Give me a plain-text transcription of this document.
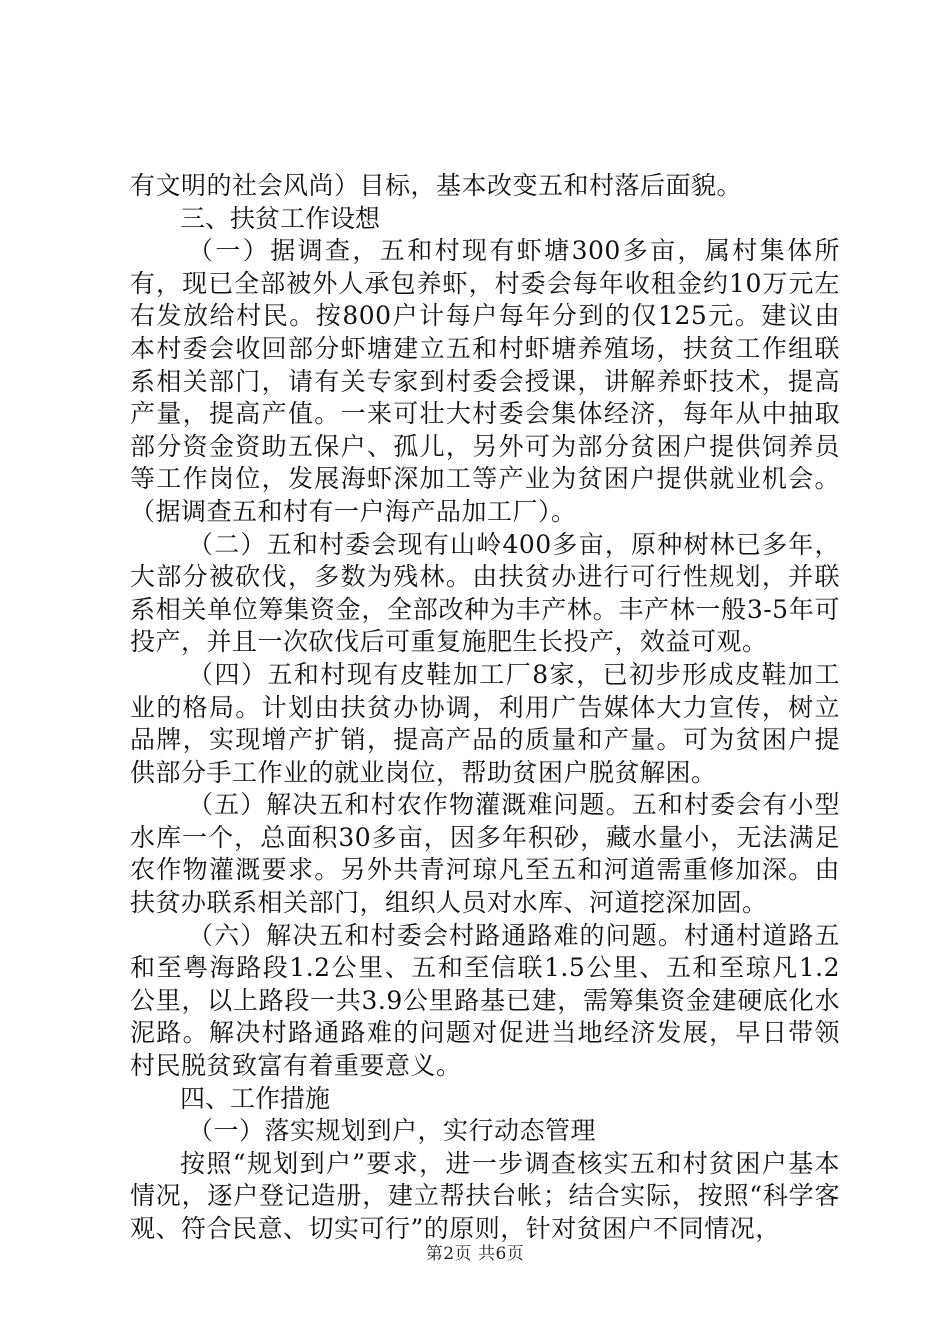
有文明的社会风尚）目标，基本改变五和村落后面貌。

三、扶贫工作设想

（一）据调查，五和村现有虾塘300多亩，属村集体所有，现已全部被外人承包养虾，村委会每年收租金约10万元左右发放给村民。按800户计每户每年分到的仅125元。建议由本村委会收回部分虾塘建立五和村虾塘养殖场，扶贫工作组联系相关部门，请有关专家到村委会授课，讲解养虾技术，提高产量，提高产值。一来可壮大村委会集体经济，每年从中抽取部分资金资助五保户、孤儿，另外可为部分贫困户提供饲养员等工作岗位，发展海虾深加工等产业为贫困户提供就业机会。（据调查五和村有一户海产品加工厂）。

（二）五和村委会现有山岭400多亩，原种树林已多年，大部分被砍伐，多数为残林。由扶贫办进行可行性规划，并联系相关单位筹集资金，全部改种为丰产林。丰产林一般3-5年可投产，并且一次砍伐后可重复施肥生长投产，效益可观。

（四）五和村现有皮鞋加工厂8家，已初步形成皮鞋加工业的格局。计划由扶贫办协调，利用广告媒体大力宣传，树立品牌，实现增产扩销，提高产品的质量和产量。可为贫困户提供部分手工作业的就业岗位，帮助贫困户脱贫解困。

（五）解决五和村农作物灌溉难问题。五和村委会有小型水库一个，总面积30多亩，因多年积砂，藏水量小，无法满足农作物灌溉要求。另外共青河琼凡至五和河道需重修加深。由扶贫办联系相关部门，组织人员对水库、河道挖深加固。

（六）解决五和村委会村路通路难的问题。村通村道路五和至粤海路段1.2公里、五和至信联1.5公里、五和至琼凡1.2公里，以上路段一共3.9公里路基已建，需筹集资金建硬底化水泥路。解决村路通路难的问题对促进当地经济发展，早日带领村民脱贫致富有着重要意义。

四、工作措施

（一）落实规划到户，实行动态管理

按照“规划到户”要求，进一步调查核实五和村贫困户基本情况，逐户登记造册，建立帮扶台帐；结合实际，按照“科学客观、符合民意、切实可行”的原则，针对贫困户不同情况，

第2页 共6页
